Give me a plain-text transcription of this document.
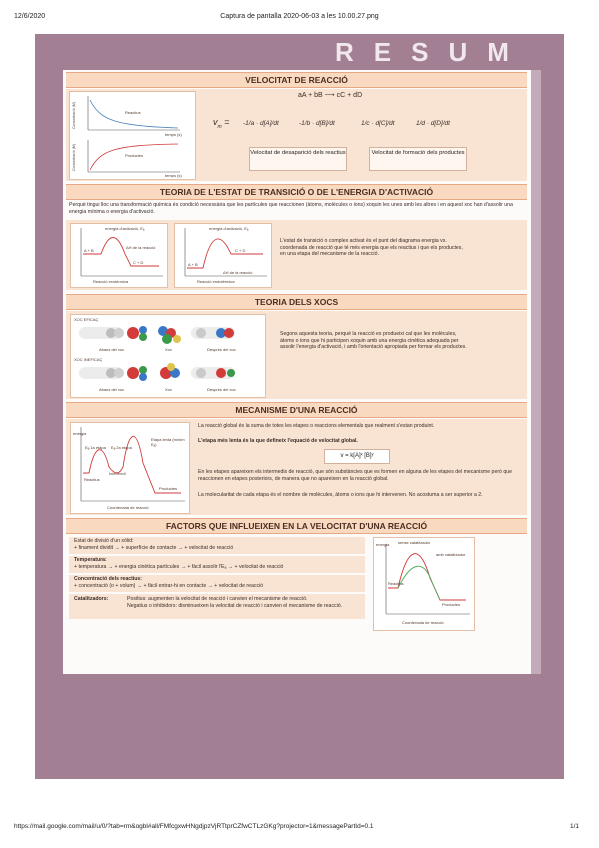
12/6/2020	Captura de pantalla 2020-06-03 a les 10.00.27.png
https://mail.google.com/mail/u/0/?tab=rm&ogbl#all/FMfcgxwHNgdjpzVjRTtprCZfwCTLzGKg?projector=1&messagePartId=0.1	1/1
RESUM
VELOCITAT DE REACCIÓ
Concentració (M)	Reactius
temps (s)
Concentració (M)	Productes
temps (s)
aA + bB ⟶ cC + dD
$v_m = -1/a \cdot d[A]/dt$	-1/b · d[B]/dt	1/c · d[C]/dt	1/d · d[D]/dt
Velocitat de desaparició dels reactius	Velocitat de formació dels productes
TEORIA DE L'ESTAT DE TRANSICIÓ O DE L'ENERGIA D'ACTIVACIÓ
Perquè tingui lloc una transformació química és condició necessària que les partícules que reaccionen (àtoms, molècules o ions) xoquin les unes amb les altres i en aquest xoc han d'assolir una energia mínima o energia d'activació.
energia d'activació, Eₐ
A + B
ΔH de la reacció
C + D
Reacció exotèrmica
energia d'activació, Eₐ
A + B
C + D
ΔH de la reacció
Reacció endotèrmica
L'estat de transició o complex activat és el punt del diagrama energia vs. coordenada de reacció que té més energia que els reactius i que els productes, en una etapa del mecanisme de la reacció.
TEORIA DELS XOCS
XOC EFICAÇ
XOC INEFICAÇ
Abans del xoc	Xoc	Després del xoc
Abans del xoc	Xoc	Després del xoc
Segons aquesta teoria, perquè la reacció es produeixi cal que les molècules, àtoms o ions que hi participen xoquin amb una energia cinètica adequada per assolir l'energia d'activació, i amb l'orientació apropiada per formar els productes.
MECANISME D'UNA REACCIÓ
energia
Eₐ,1a etapa Eₐ,2a etapa
Etapa lenta (mínim Eₐ)
Reactius
Intermedi
Productes
Coordenada de reacció
La reacció global és la suma de totes les etapes o reaccions elementals que realment s'estan produint.
L'etapa més lenta és la que defineix l'equació de velocitat global.
v = k[A]ˣ [B]ʸ
En les etapes apareixen els intermedis de reacció, que són substàncies que es formen en alguna de les etapes del mecanisme però que reaccionen en etapes posteriors, de manera que no apareixen en la reacció global.
La molecularitat de cada etapa és el nombre de molècules, àtoms o ions que hi intervenen. No acostuma a ser superior a 2.
FACTORS QUE INFLUEIXEN EN LA VELOCITAT D'UNA REACCIÓ
Estat de divisió d'un sòlid:
+ finament dividit → + superfície de contacte → + velocitat de reacció
Temperatura:
+ temperatura → + energia cinètica partícules → + fàcil assolir l'Eₐ → + velocitat de reacció
Concentració dels reactius:
+ concentració (o + volum) → + fàcil entrar-hi en contacte → + velocitat de reacció
Catalitzadors:	Positius: augmenten la velocitat de reacció i canvien el mecanisme de reacció.
Negatius o inhibidors: disminueixen la velocitat de reacció i canvien el mecanisme de reacció.
energia sense catalitzador
amb catalitzador
Reactius
Productes
Coordenada de reacció
